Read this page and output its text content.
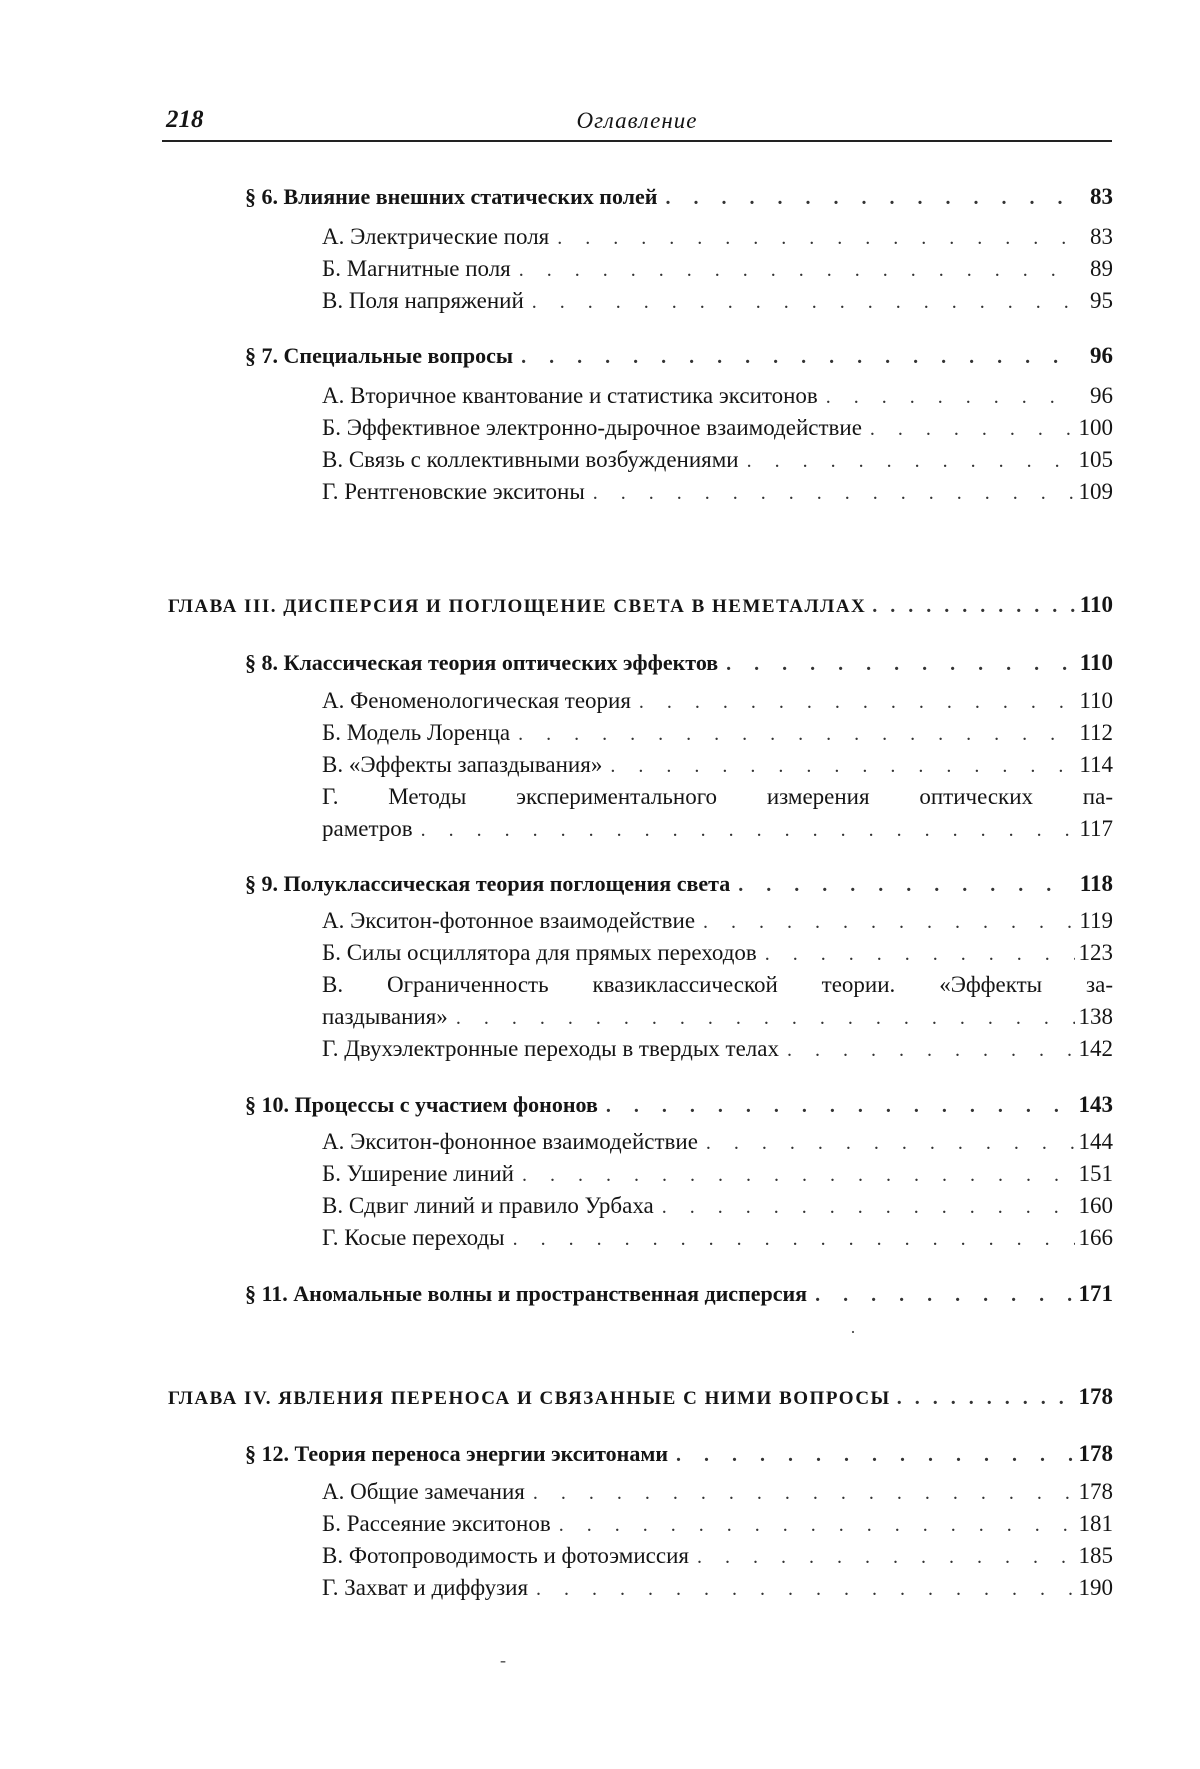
218	Оглавление
§ 6. Влияние внешних статических полей . . .	83
А. Электрические поля . . .	83
Б. Магнитные поля . . .	89
В. Поля напряжений . . .	95
§ 7. Специальные вопросы . . .	96
А. Вторичное квантование и статистика экситонов . . .	96
Б. Эффективное электронно-дырочное взаимодействие . . .	100
В. Связь с коллективными возбуждениями . . .	105
Г. Рентгеновские экситоны . . .	109
ГЛАВА III. ДИСПЕРСИЯ И ПОГЛОЩЕНИЕ СВЕТА В НЕМЕТАЛЛАХ . . .	110
§ 8. Классическая теория оптических эффектов . . .	110
А. Феноменологическая теория . . .	110
Б. Модель Лоренца . . .	112
В. «Эффекты запаздывания» . . .	114
Г. Методы экспериментального измерения оптических па-
раметров . . .	117
§ 9. Полуклассическая теория поглощения света . . .	118
А. Экситон-фотонное взаимодействие . . .	119
Б. Силы осциллятора для прямых переходов . . .	123
В. Ограниченность квазиклассической теории. «Эффекты за-
паздывания» . . .	138
Г. Двухэлектронные переходы в твердых телах . . .	142
§ 10. Процессы с участием фононов . . .	143
А. Экситон-фононное взаимодействие . . .	144
Б. Уширение линий . . .	151
В. Сдвиг линий и правило Урбаха . . .	160
Г. Косые переходы . . .	166
§ 11. Аномальные волны и пространственная дисперсия . . .	171
·
ГЛАВА IV. ЯВЛЕНИЯ ПЕРЕНОСА И СВЯЗАННЫЕ С НИМИ ВОПРОСЫ . . .	178
§ 12. Теория переноса энергии экситонами . . .	178
А. Общие замечания . . .	178
Б. Рассеяние экситонов . . .	181
В. Фотопроводимость и фотоэмиссия . . .	185
Г. Захват и диффузия . . .	190
-
